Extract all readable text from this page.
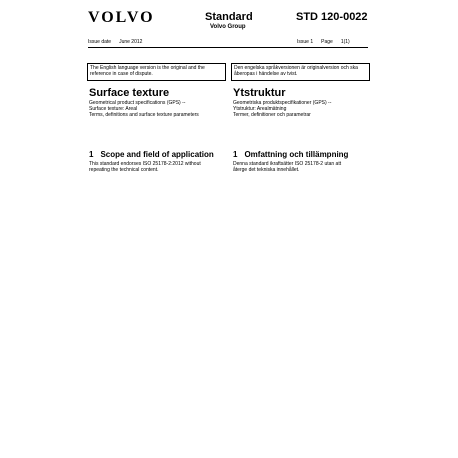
VOLVO	Standard
Volvo Group
STD 120-0022
Issue date June 2012	Issue 1 Page 1(1)
The English language version is the original and the reference in case of dispute.
Den engelska språkversionen är originalversion och ska åberopas i händelse av tvist.
Surface texture
Geometrical product specifications (GPS) --
Surface texture: Areal
Terms, definitions and surface texture parameters
1 Scope and field of application
This standard endorses ISO 25178-2:2012 without
repeating the technical content.
Ytstruktur
Geometriska produktspecifikationer (GPS) --
Ytstruktur: Arealmätning
Termer, definitioner och parametrar
1 Omfattning och tillämpning
Denna standard ikraftsätter ISO 25178-2 utan att
återge det tekniska innehållet.
